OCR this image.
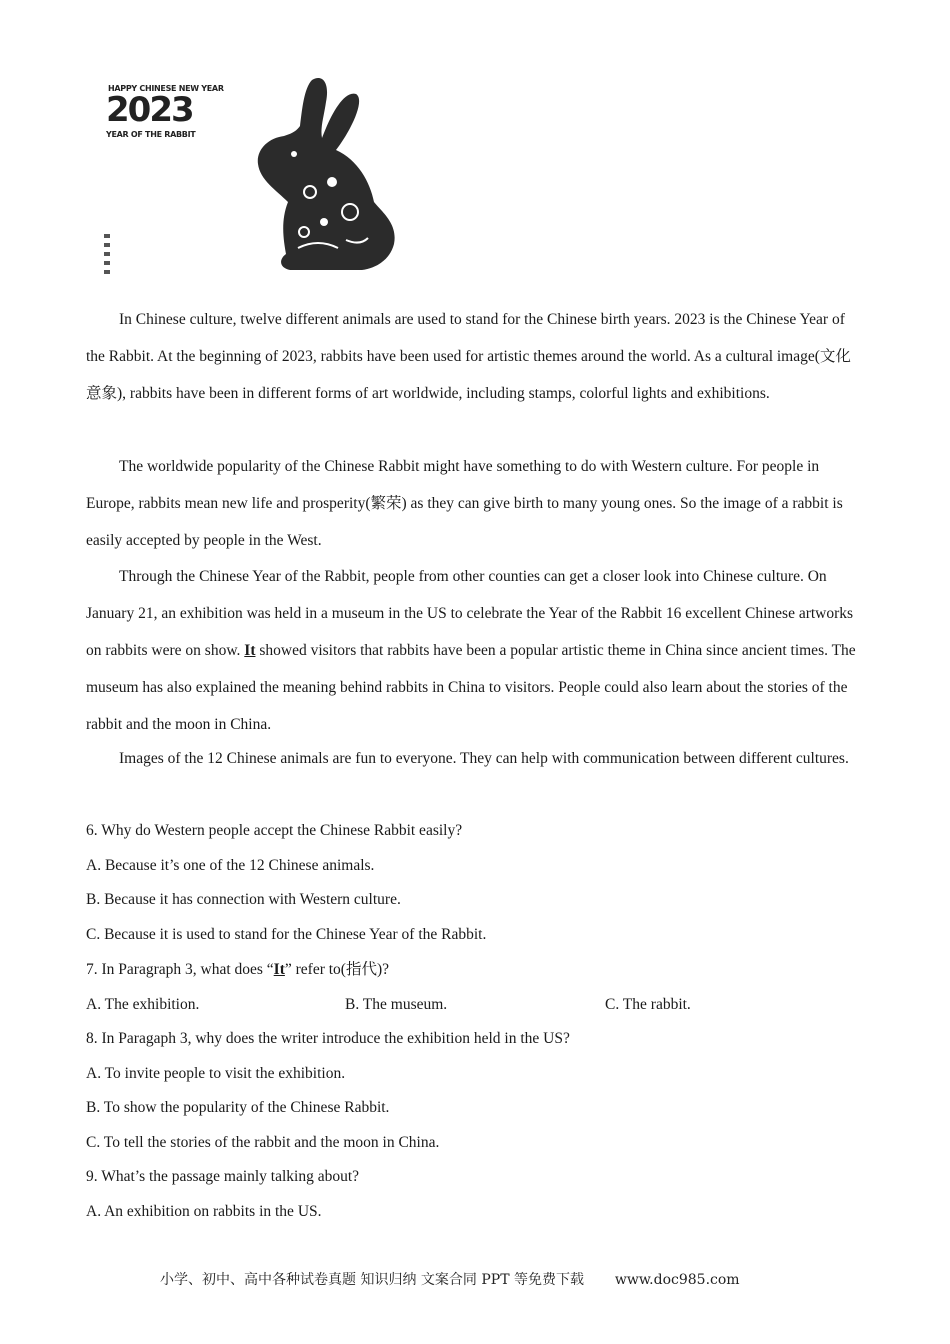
HAPPY CHINESE NEW YEAR
2023
YEAR OF THE RABBIT
In Chinese culture, twelve different animals are used to stand for the Chinese birth years. 2023 is the Chinese Year of the Rabbit. At the beginning of 2023, rabbits have been used for artistic themes around the world. As a cultural image(文化意象), rabbits have been in different forms of art worldwide, including stamps, colorful lights and exhibitions.
The worldwide popularity of the Chinese Rabbit might have something to do with Western culture. For people in Europe, rabbits mean new life and prosperity(繁荣) as they can give birth to many young ones. So the image of a rabbit is easily accepted by people in the West.
Through the Chinese Year of the Rabbit, people from other counties can get a closer look into Chinese culture. On January 21, an exhibition was held in a museum in the US to celebrate the Year of the Rabbit 16 excellent Chinese artworks on rabbits were on show. It showed visitors that rabbits have been a popular artistic theme in China since ancient times. The museum has also explained the meaning behind rabbits in China to visitors. People could also learn about the stories of the rabbit and the moon in China.
Images of the 12 Chinese animals are fun to everyone. They can help with communication between different cultures.
6. Why do Western people accept the Chinese Rabbit easily?
A. Because it’s one of the 12 Chinese animals.
B. Because it has connection with Western culture.
C. Because it is used to stand for the Chinese Year of the Rabbit.
7. In Paragraph 3, what does “It” refer to(指代)?
A. The exhibition.	B. The museum.	C. The rabbit.
8. In Paragaph 3, why does the writer introduce the exhibition held in the US?
A. To invite people to visit the exhibition.
B. To show the popularity of the Chinese Rabbit.
C. To tell the stories of the rabbit and the moon in China.
9. What’s the passage mainly talking about?
A. An exhibition on rabbits in the US.
小学、初中、高中各种试卷真题 知识归纳 文案合同 PPT 等免费下载 www.doc985.com
